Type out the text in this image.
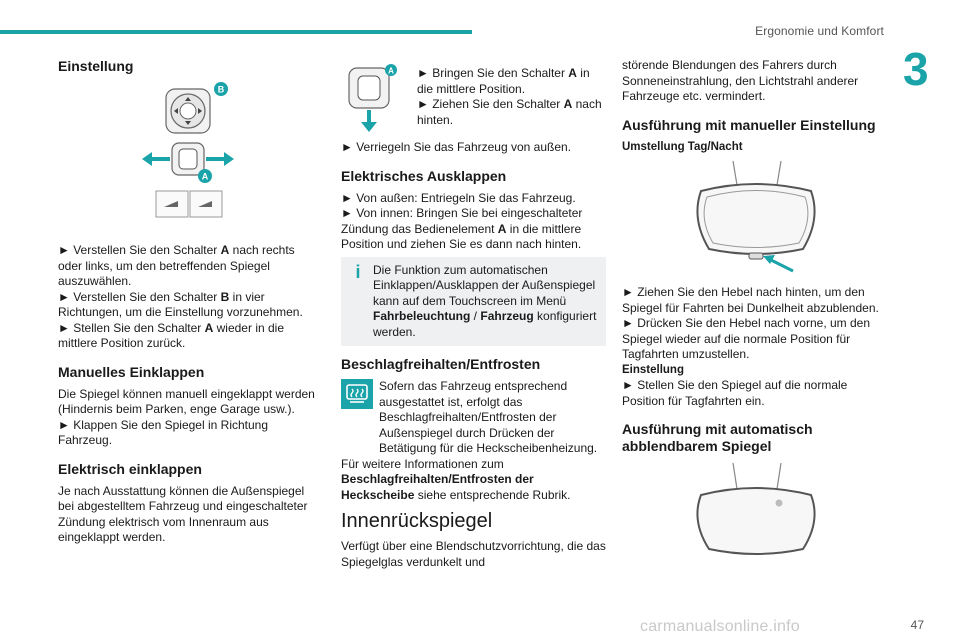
Ergonomie und Komfort
3
Einstellung
B
A

► Verstellen Sie den Schalter A nach rechts oder links, um den betreffenden Spiegel auszuwählen.

► Verstellen Sie den Schalter B in vier Richtungen, um die Einstellung vorzunehmen.

► Stellen Sie den Schalter A wieder in die mittlere Position zurück.

Manuelles Einklappen

Die Spiegel können manuell eingeklappt werden (Hindernis beim Parken, enge Garage usw.).

► Klappen Sie den Spiegel in Richtung Fahrzeug.

Elektrisch einklappen

Je nach Ausstattung können die Außenspiegel bei abgestelltem Fahrzeug und eingeschalteter Zündung elektrisch vom Innenraum aus eingeklappt werden.

A ► Bringen Sie den Schalter A in die mittlere Position.

► Ziehen Sie den Schalter A nach hinten.

► Verriegeln Sie das Fahrzeug von außen.

Elektrisches Ausklappen

► Von außen: Entriegeln Sie das Fahrzeug.

► Von innen: Bringen Sie bei eingeschalteter Zündung das Bedienelement A in die mittlere Position und ziehen Sie es dann nach hinten.

i	Die Funktion zum automatischen Einklappen/Ausklappen der Außenspiegel kann auf dem Touchscreen im Menü Fahrbeleuchtung / Fahrzeug konfiguriert werden.

Beschlagfreihalten/Entfrosten

Sofern das Fahrzeug entsprechend ausgestattet ist, erfolgt das Beschlagfreihalten/Entfrosten der Außenspiegel durch Drücken der Betätigung für die Heckscheibenheizung.

Für weitere Informationen zum Beschlagfreihalten/Entfrosten der Heckscheibe siehe entsprechende Rubrik.

Innenrückspiegel

Verfügt über eine Blendschutzvorrichtung, die das Spiegelglas verdunkelt und

störende Blendungen des Fahrers durch Sonneneinstrahlung, den Lichtstrahl anderer Fahrzeuge etc. vermindert.

Ausführung mit manueller Einstellung
Umstellung Tag/Nacht

► Ziehen Sie den Hebel nach hinten, um den Spiegel für Fahrten bei Dunkelheit abzublenden.

► Drücken Sie den Hebel nach vorne, um den Spiegel wieder auf die normale Position für Tagfahrten umzustellen.

Einstellung

► Stellen Sie den Spiegel auf die normale Position für Tagfahrten ein.

Ausführung mit automatisch abblendbarem Spiegel
carmanualsonline.info	47
